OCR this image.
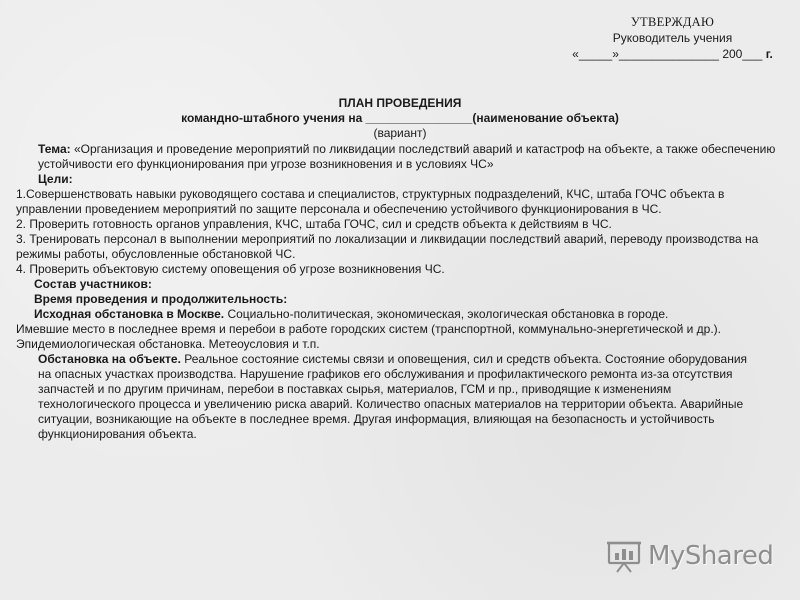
УТВЕРЖДАЮ
Руководитель учения
«_____»_______________ 200___ г.
ПЛАН ПРОВЕДЕНИЯ
командно-штабного учения на ________________(наименование объекта)
(вариант)

Тема: «Организация и проведение мероприятий по ликвидации последствий аварий и катастроф на объекте, а также обеспечению устойчивости его функционирования при угрозе возникновения и в условиях ЧС»

Цели:

1.Совершенствовать навыки руководящего состава и специалистов, структурных подразделений, КЧС, штаба ГОЧС объекта в управлении проведением мероприятий по защите персонала и обеспечению устойчивого функционирования в ЧС.

2. Проверить готовность органов управления, КЧС, штаба ГОЧС, сил и средств объекта к действиям в ЧС.

3. Тренировать персонал в выполнении мероприятий по локализации и ликвидации последствий аварий, переводу производства на режимы работы, обусловленные обстановкой ЧС.

4. Проверить объектовую систему оповещения об угрозе возникновения ЧС.

Состав участников:

Время проведения и продолжительность:

Исходная обстановка в Москве. Социально-политическая, экономическая, экологическая обстановка в городе.

Имевшие место в последнее время и перебои в работе городских систем (транспортной, коммунально-энергетической и др.).

Эпидемиологическая обстановка. Метеоусловия и т.п.

Обстановка на объекте. Реальное состояние системы связи и оповещения, сил и средств объекта. Состояние оборудования на опасных участках производства. Нарушение графиков его обслуживания и профилактического ремонта из-за отсутствия запчастей и по другим причинам, перебои в поставках сырья, материалов, ГСМ и пр., приводящие к изменениям технологического процесса и увеличению риска аварий. Количество опасных материалов на территории объекта. Аварийные ситуации, возникающие на объекте в последнее время. Другая информация, влияющая на безопасность и устойчивость функционирования объекта.

MyShared
